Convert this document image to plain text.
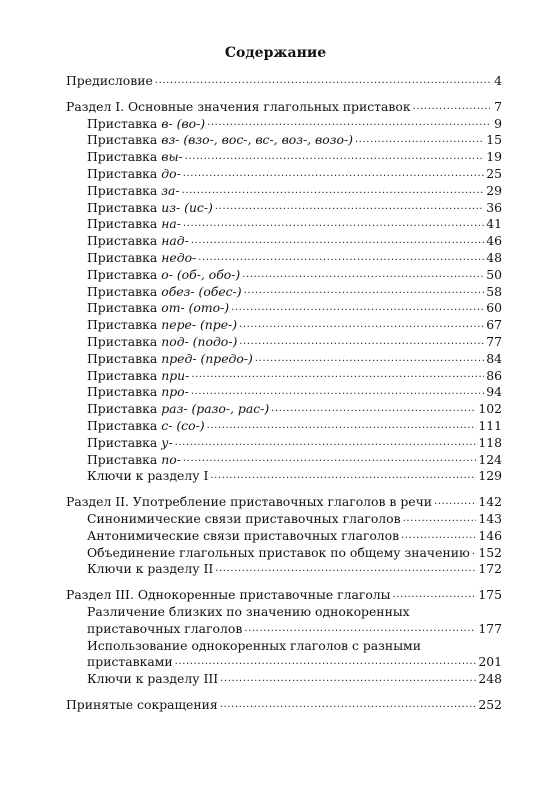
Содержание
Предисловие .....	4
Раздел I. Основные значения глагольных приставок .....	7
Приставка в- (во-) .....	9
Приставка вз- (взо-, вос-, вс-, воз-, возо-) .....	15
Приставка вы- .....	19
Приставка до- .....	25
Приставка за- .....	29
Приставка из- (ис-) .....	36
Приставка на- .....	41
Приставка над- .....	46
Приставка недо- .....	48
Приставка о- (об-, обо-) .....	50
Приставка обез- (обес-) .....	58
Приставка от- (ото-) .....	60
Приставка пере- (пре-) .....	67
Приставка под- (подо-) .....	77
Приставка пред- (предо-) .....	84
Приставка при- .....	86
Приставка про- .....	94
Приставка раз- (разо-, рас-) .....	102
Приставка с- (со-) .....	111
Приставка у- .....	118
Приставка по- .....	124
Ключи к разделу I .....	129
Раздел II. Употребление приставочных глаголов в речи .....	142
Синонимические связи приставочных глаголов .....	143
Антонимические связи приставочных глаголов .....	146
Объединение глагольных приставок по общему значению ..... 152
Ключи к разделу II .....	172
Раздел III. Однокоренные приставочные глаголы .....	175
Различение близких по значению однокоренных
приставочных глаголов .....	177
Использование однокоренных глаголов с разными
приставками .....	201
Ключи к разделу III .....	248
Принятые сокращения .....	252
